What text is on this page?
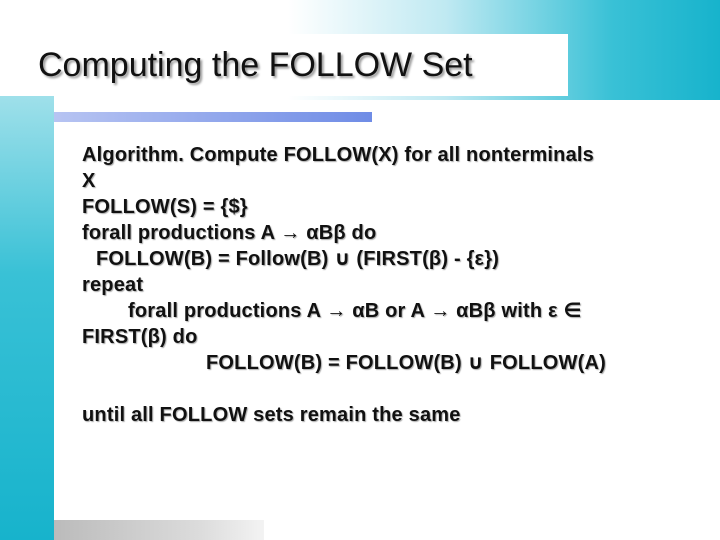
Computing the FOLLOW Set
Algorithm. Compute FOLLOW(X) for all nonterminals
X
FOLLOW(S) = {$}
forall productions A → αBβ do
FOLLOW(B) = Follow(B) ∪ (FIRST(β) - {ε})
repeat
forall productions A → αB or A → αBβ with ε ∈
FIRST(β) do
FOLLOW(B) = FOLLOW(B) ∪ FOLLOW(A)
until all FOLLOW sets remain the same
